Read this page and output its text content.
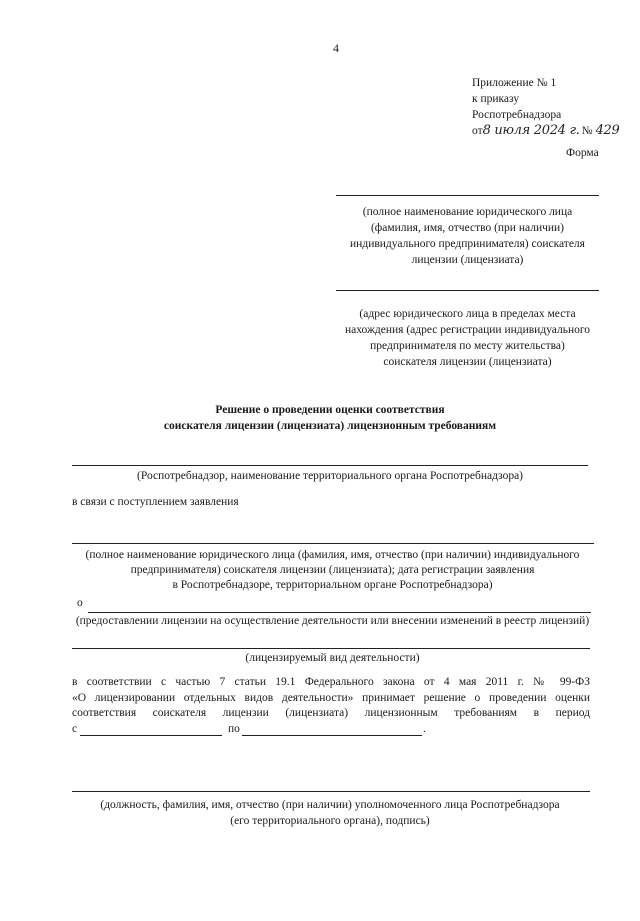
4
Приложение № 1
к приказу
Роспотребнадзора
от8 июля 2024 г. № 429
Форма
(полное наименование юридического лица
(фамилия, имя, отчество (при наличии)
индивидуального предпринимателя) соискателя
лицензии (лицензиата)
(адрес юридического лица в пределах места
нахождения (адрес регистрации индивидуального
предпринимателя по месту жительства)
соискателя лицензии (лицензиата)
Решение о проведении оценки соответствия
соискателя лицензии (лицензиата) лицензионным требованиям
(Роспотребнадзор, наименование территориального органа Роспотребнадзора)
в связи с поступлением заявления
(полное наименование юридического лица (фамилия, имя, отчество (при наличии) индивидуального
предпринимателя) соискателя лицензии (лицензиата); дата регистрации заявления
в Роспотребнадзоре, территориальном органе Роспотребнадзора)
о
(предоставлении лицензии на осуществление деятельности или внесении изменений в реестр лицензий)
(лицензируемый вид деятельности)
в соответствии с частью 7 статьи 19.1 Федерального закона от 4 мая 2011 г. № 99-ФЗ
«О лицензировании отдельных видов деятельности» принимает решение о проведении оценки
соответствия соискателя лицензии (лицензиата) лицензионным требованиям в период
с	по	.
(должность, фамилия, имя, отчество (при наличии) уполномоченного лица Роспотребнадзора
(его территориального органа), подпись)
